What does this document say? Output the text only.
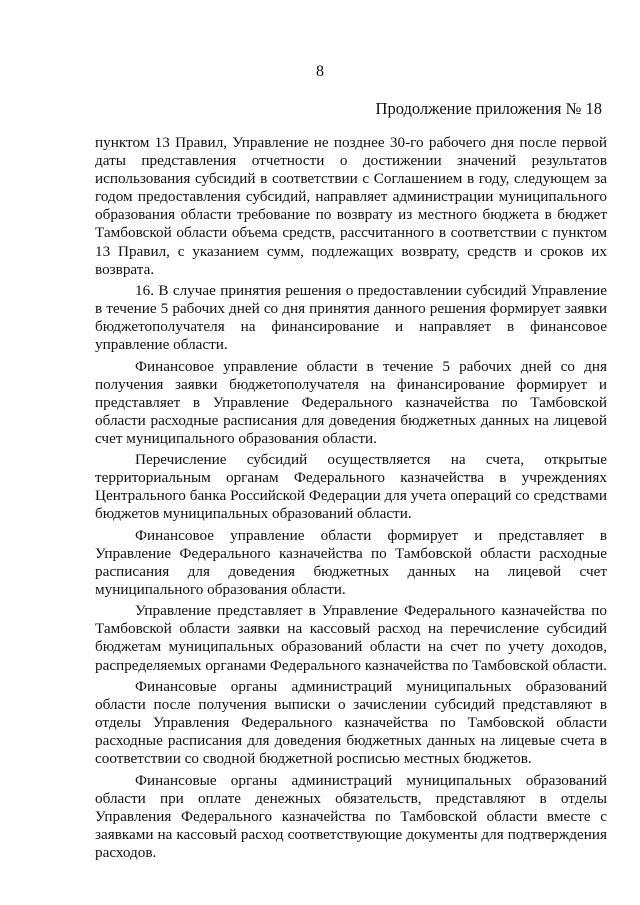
8
Продолжение приложения № 18

пунктом 13 Правил, Управление не позднее 30-го рабочего дня после первой даты представления отчетности о достижении значений результатов использования субсидий в соответствии с Соглашением в году, следующем за годом предоставления субсидий, направляет администрации муниципального образования области требование по возврату из местного бюджета в бюджет Тамбовской области объема средств, рассчитанного в соответствии с пунктом 13 Правил, с указанием сумм, подлежащих возврату, средств и сроков их возврата.

16. В случае принятия решения о предоставлении субсидий Управление в течение 5 рабочих дней со дня принятия данного решения формирует заявки бюджетополучателя на финансирование и направляет в финансовое управление области.

Финансовое управление области в течение 5 рабочих дней со дня получения заявки бюджетополучателя на финансирование формирует и представляет в Управление Федерального казначейства по Тамбовской области расходные расписания для доведения бюджетных данных на лицевой счет муниципального образования области.

Перечисление субсидий осуществляется на счета, открытые территориальным органам Федерального казначейства в учреждениях Центрального банка Российской Федерации для учета операций со средствами бюджетов муниципальных образований области.

Финансовое управление области формирует и представляет в Управление Федерального казначейства по Тамбовской области расходные расписания для доведения бюджетных данных на лицевой счет муниципального образования области.

Управление представляет в Управление Федерального казначейства по Тамбовской области заявки на кассовый расход на перечисление субсидий бюджетам муниципальных образований области на счет по учету доходов, распределяемых органами Федерального казначейства по Тамбовской области.

Финансовые органы администраций муниципальных образований области после получения выписки о зачислении субсидий представляют в отделы Управления Федерального казначейства по Тамбовской области расходные расписания для доведения бюджетных данных на лицевые счета в соответствии со сводной бюджетной росписью местных бюджетов.

Финансовые органы администраций муниципальных образований области при оплате денежных обязательств, представляют в отделы Управления Федерального казначейства по Тамбовской области вместе с заявками на кассовый расход соответствующие документы для подтверждения расходов.
